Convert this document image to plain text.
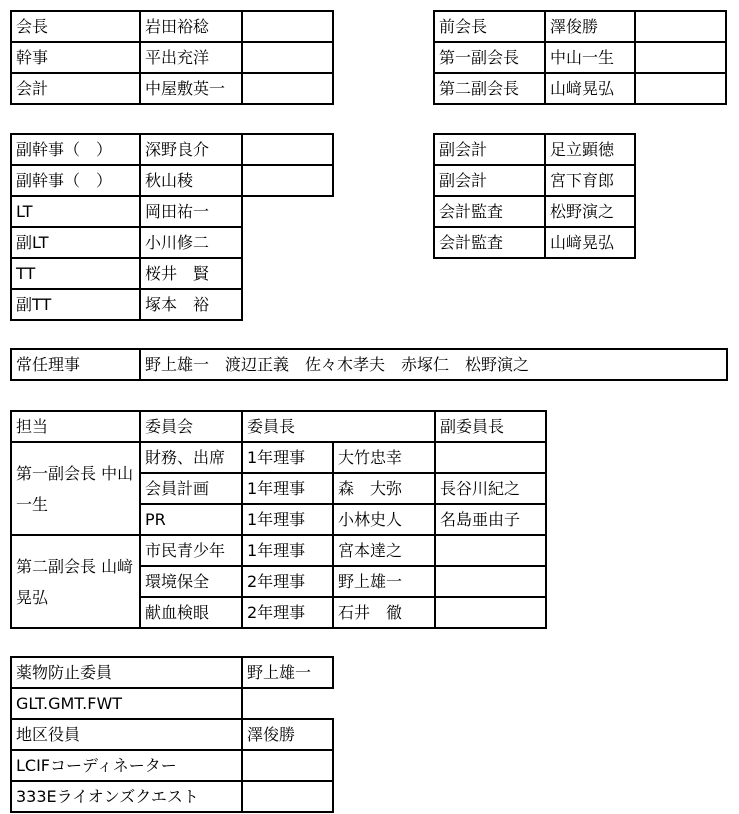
会長	岩田裕稔	
幹事	平出充洋	
会計	中屋敷英一	
前会長	澤俊勝	
第一副会長	中山一生	
第二副会長	山﨑晃弘	
副幹事（　）	深野良介	
副幹事（　）	秋山稜	
LT	岡田祐一	
副LT	小川修二	
TT	桜井　賢	
副TT	塚本　裕	
副会計	足立顕徳
副会計	宮下育郎
会計監査	松野演之
会計監査	山﨑晃弘
常任理事	野上雄一　渡辺正義　佐々木孝夫　赤塚仁　松野演之
担当	委員会	委員長		副委員長
第一副会長 中山一生	財務、出席	1年理事	大竹忠幸	
	会員計画	1年理事	森　大弥	長谷川紀之
	PR	1年理事	小林史人	名島亜由子
第二副会長 山﨑晃弘	市民青少年	1年理事	宮本達之	
	環境保全	2年理事	野上雄一	
	献血検眼	2年理事	石井　徹	
薬物防止委員	野上雄一
GLT.GMT.FWT	
地区役員	澤俊勝
LCIFコーディネーター	
333Eライオンズクエスト	
